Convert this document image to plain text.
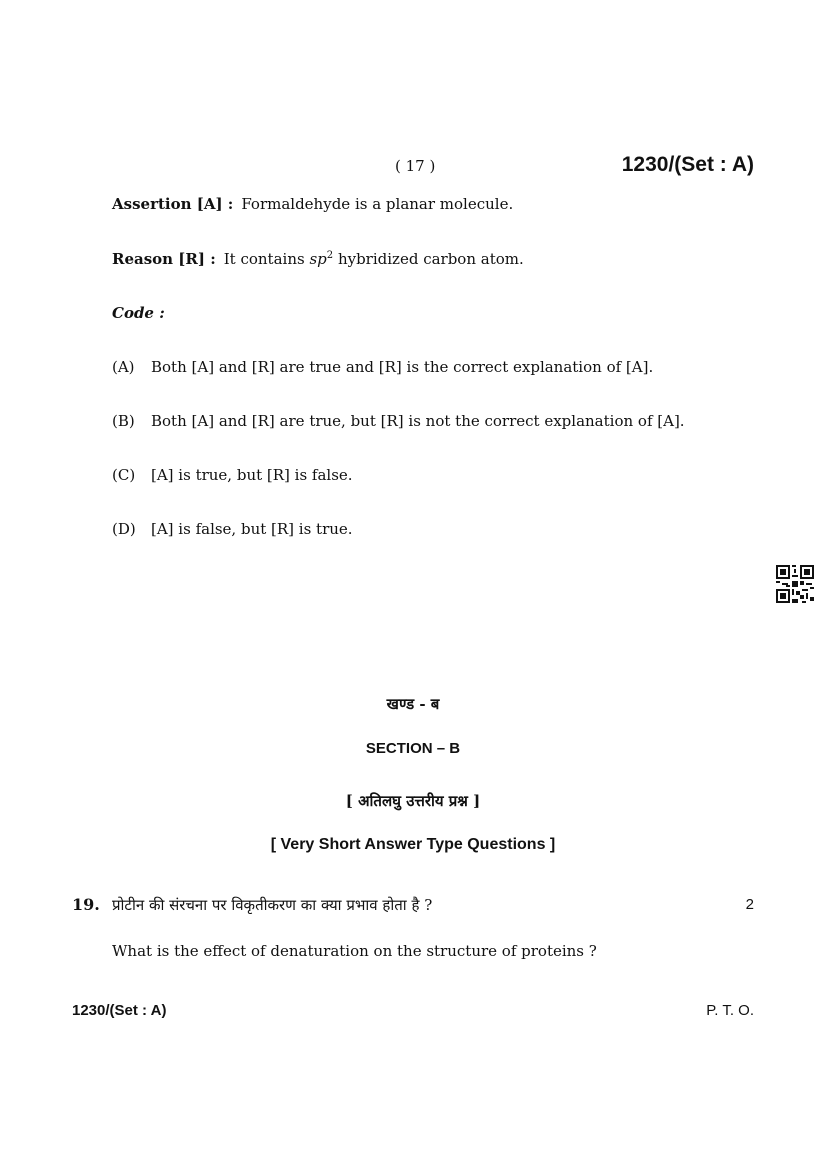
( 17 )	1230/(Set : A)
Assertion [A] : Formaldehyde is a planar molecule.
Reason [R] : It contains $sp^2$ hybridized carbon atom.
Code :
(A) Both [A] and [R] are true and [R] is the correct explanation of [A].
(B) Both [A] and [R] are true, but [R] is not the correct explanation of [A].
(C) [A] is true, but [R] is false.
(D) [A] is false, but [R] is true.
खण्ड - ब
SECTION – B
[ अतिलघु उत्तरीय प्रश्न ]
[ Very Short Answer Type Questions ]
19. प्रोटीन की संरचना पर विकृतीकरण का क्या प्रभाव होता है ?	2
What is the effect of denaturation on the structure of proteins ?
1230/(Set : A)	P. T. O.
